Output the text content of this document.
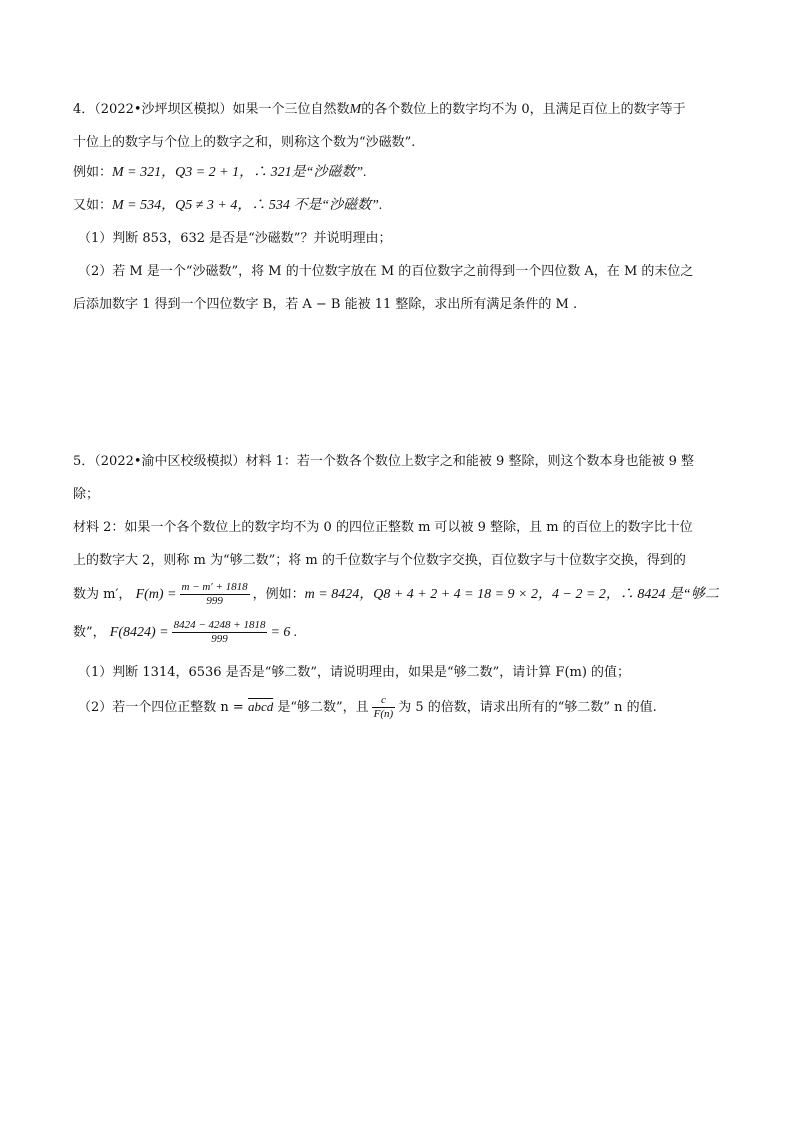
4．（2022•沙坪坝区模拟）如果一个三位自然数M的各个数位上的数字均不为 0，且满足百位上的数字等于
十位上的数字与个位上的数字之和，则称这个数为“沙磁数”.
例如：M = 321，Q3 = 2 + 1，∴ 321是“沙磁数”.
又如：M = 534，Q5 ≠ 3 + 4，∴ 534 不是“沙磁数”.
（1）判断 853，632 是否是“沙磁数”？并说明理由；
（2）若 M 是一个“沙磁数”，将 M 的十位数字放在 M 的百位数字之前得到一个四位数 A，在 M 的末位之
后添加数字 1 得到一个四位数字 B，若 A − B 能被 11 整除，求出所有满足条件的 M .
5．（2022•渝中区校级模拟）材料 1：若一个数各个数位上数字之和能被 9 整除，则这个数本身也能被 9 整
除；
材料 2：如果一个各个数位上的数字均不为 0 的四位正整数 m 可以被 9 整除，且 m 的百位上的数字比十位
上的数字大 2，则称 m 为“够二数”；将 m 的千位数字与个位数字交换，百位数字与十位数字交换，得到的
数为 m′， $F(m) = \frac{m - m' + 1818}{999}$ ，例如：m = 8424，Q8 + 4 + 2 + 4 = 18 = 9 × 2，4 − 2 = 2，∴ 8424 是“够二
数”， $F(8424) = \frac{8424 - 4248 + 1818}{999} = 6$ .
（1）判断 1314，6536 是否是“够二数”，请说明理由，如果是“够二数”，请计算 F(m) 的值；
（2）若一个四位正整数 n = abcd 是“够二数”，且 $\frac{c}{F(n)}$ 为 5 的倍数，请求出所有的“够二数” n 的值.
